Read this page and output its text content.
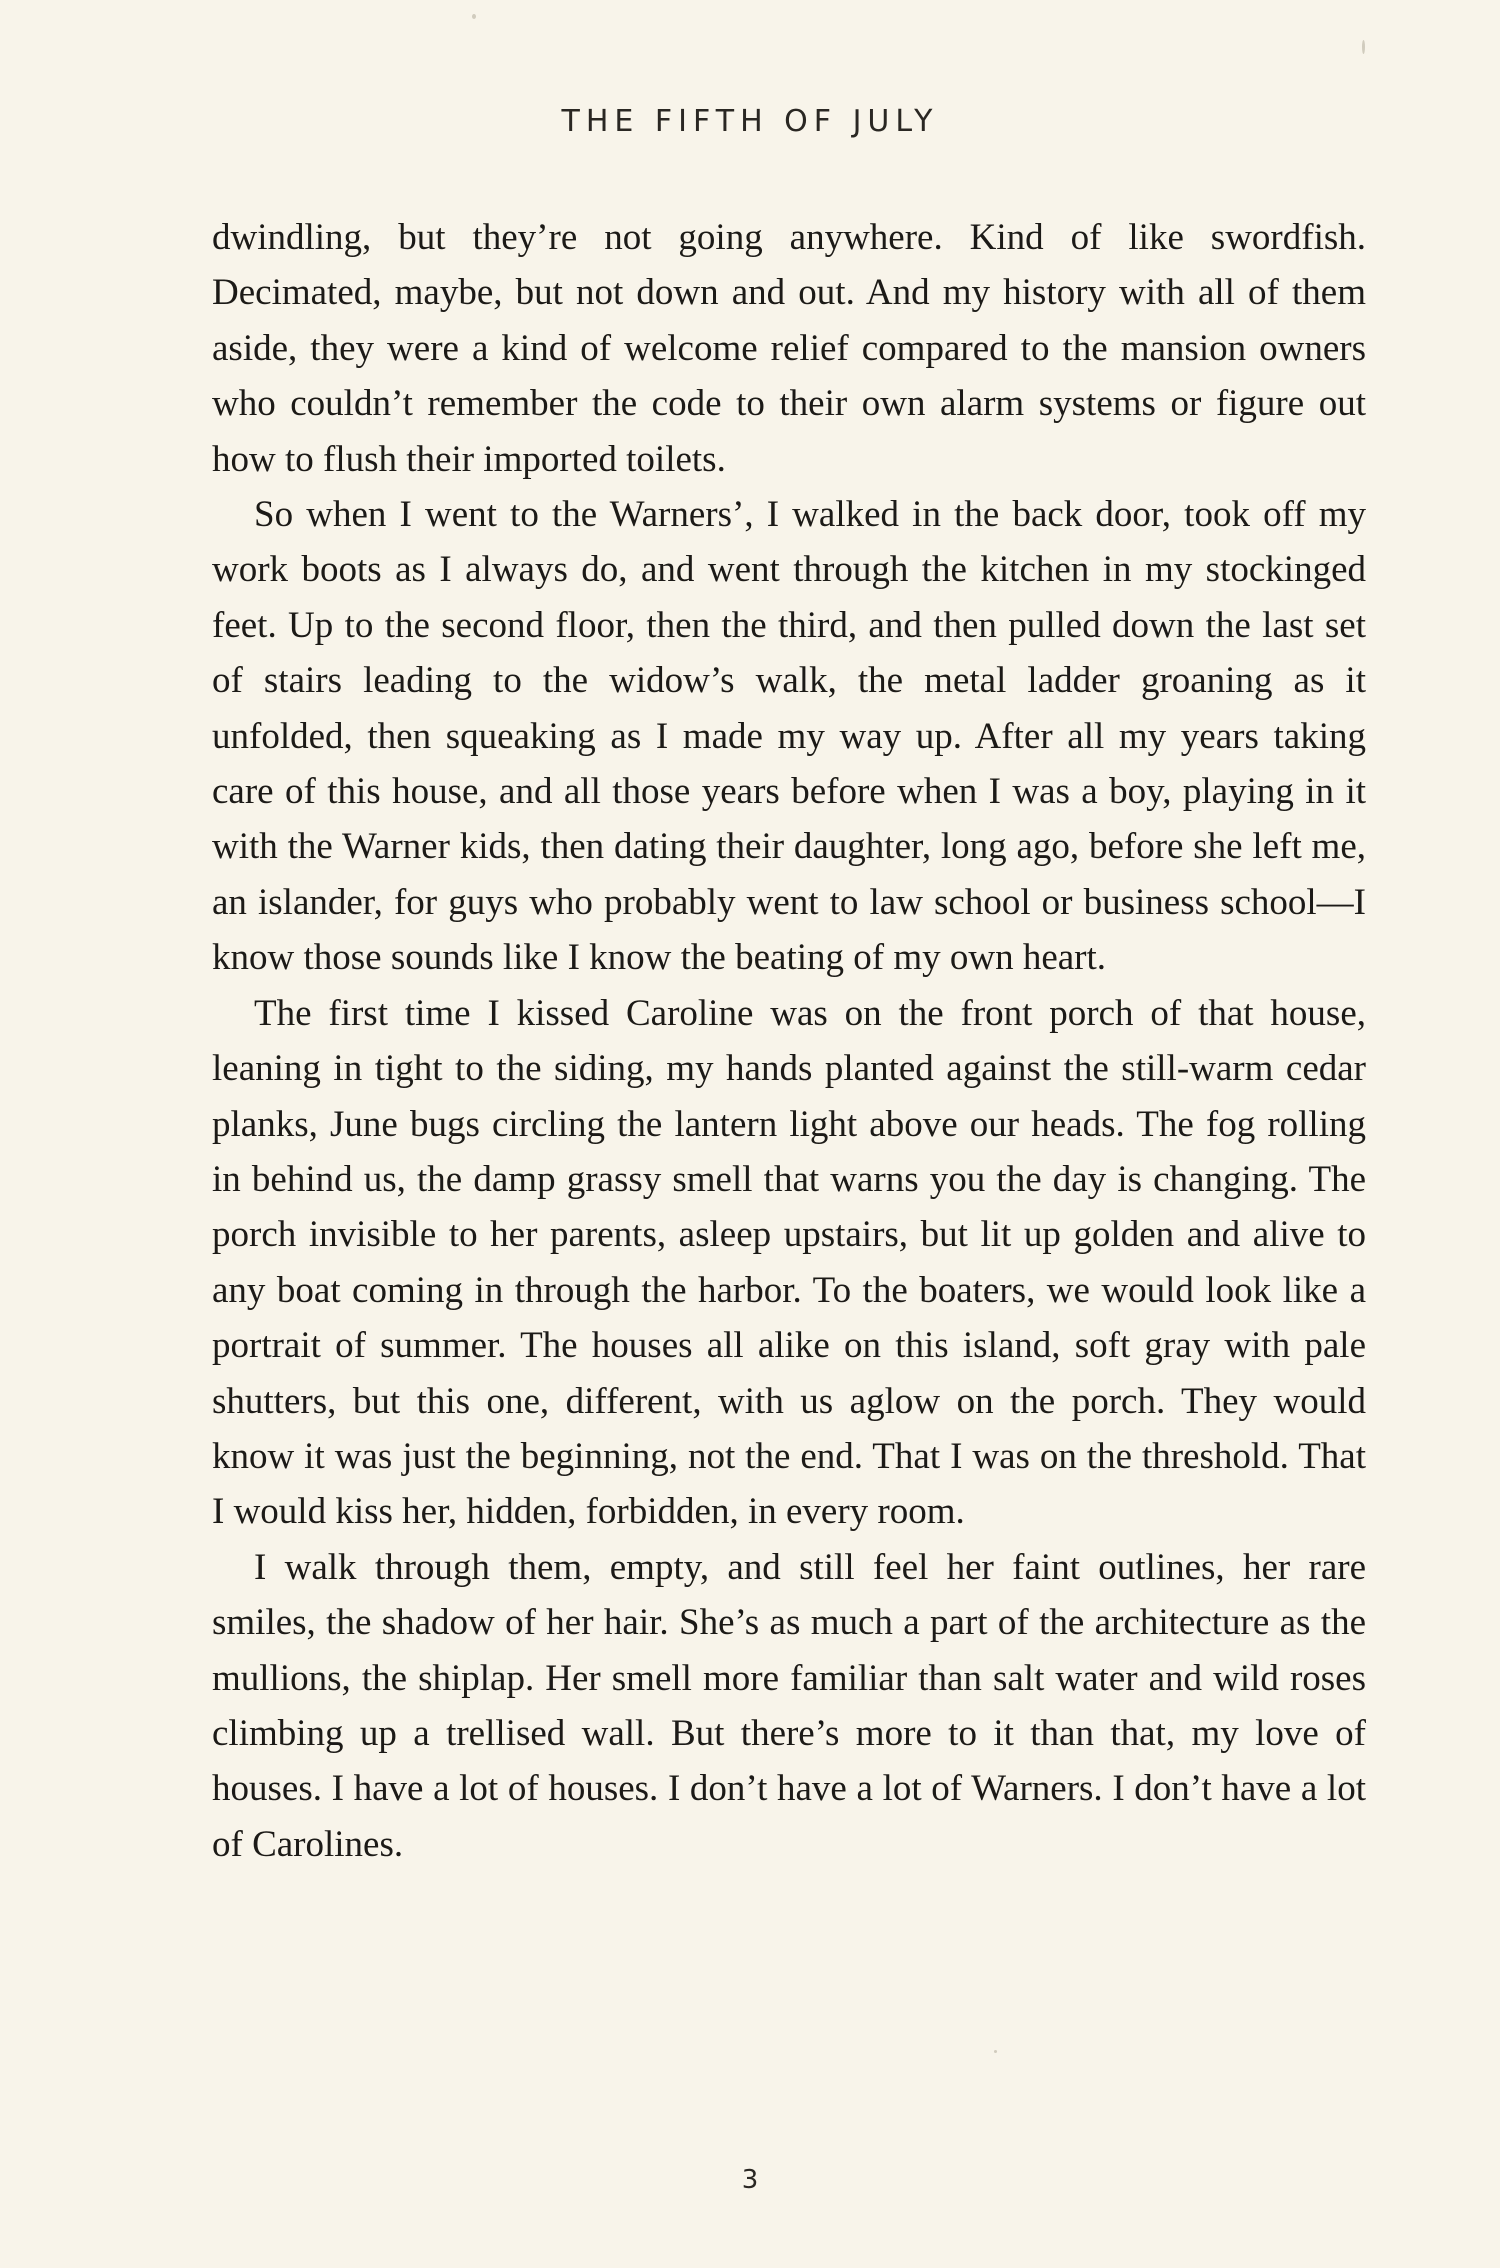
THE FIFTH OF JULY

dwindling, but they’re not going anywhere. Kind of like swordfish. Decimated, maybe, but not down and out. And my history with all of them aside, they were a kind of welcome relief compared to the mansion owners who couldn’t remember the code to their own alarm systems or figure out how to flush their imported toilets.

So when I went to the Warners’, I walked in the back door, took off my work boots as I always do, and went through the kitchen in my stockinged feet. Up to the second floor, then the third, and then pulled down the last set of stairs leading to the widow’s walk, the metal ladder groaning as it unfolded, then squeaking as I made my way up. After all my years taking care of this house, and all those years before when I was a boy, playing in it with the Warner kids, then dating their daughter, long ago, before she left me, an islander, for guys who probably went to law school or business school—I know those sounds like I know the beating of my own heart.

The first time I kissed Caroline was on the front porch of that house, leaning in tight to the siding, my hands planted against the still-warm cedar planks, June bugs circling the lantern light above our heads. The fog rolling in behind us, the damp grassy smell that warns you the day is changing. The porch invisible to her parents, asleep upstairs, but lit up golden and alive to any boat coming in through the harbor. To the boaters, we would look like a portrait of summer. The houses all alike on this island, soft gray with pale shutters, but this one, different, with us aglow on the porch. They would know it was just the beginning, not the end. That I was on the threshold. That I would kiss her, hidden, forbidden, in every room.

I walk through them, empty, and still feel her faint outlines, her rare smiles, the shadow of her hair. She’s as much a part of the architecture as the mullions, the shiplap. Her smell more familiar than salt water and wild roses climbing up a trellised wall. But there’s more to it than that, my love of houses. I have a lot of houses. I don’t have a lot of Warners. I don’t have a lot of Carolines.

3
